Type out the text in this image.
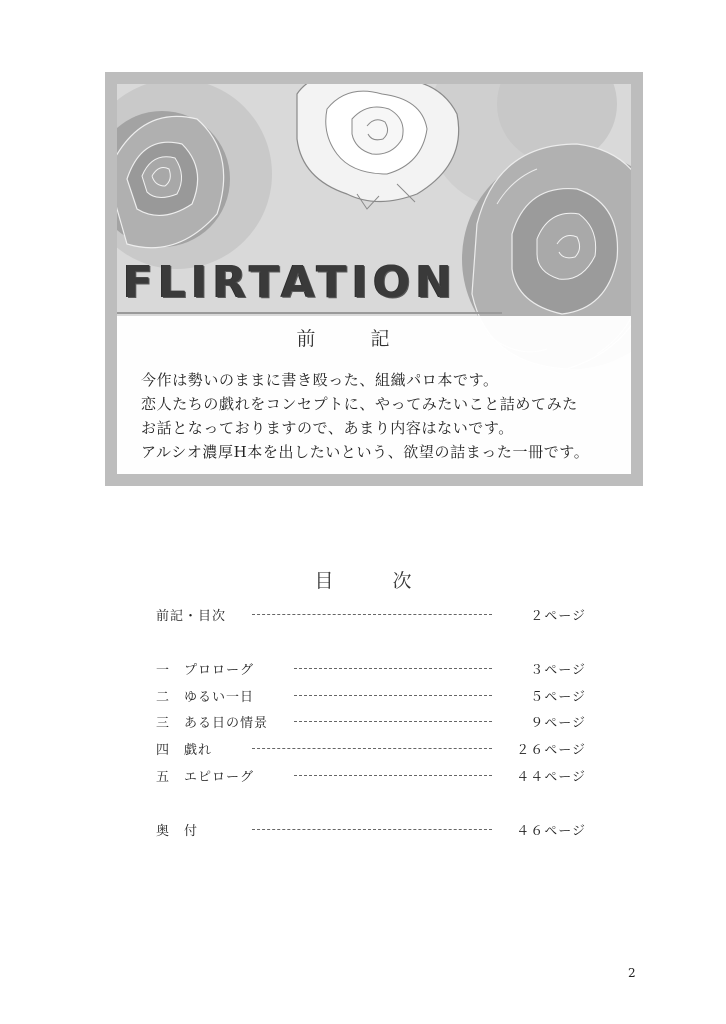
FLIRTATION
前　記
今作は勢いのままに書き殴った、組織パロ本です。
恋人たちの戯れをコンセプトに、やってみたいこと詰めてみた
お話となっておりますので、あまり内容はないです。
アルシオ濃厚H本を出したいという、欲望の詰まった一冊です。
目　次
前記・目次	２ページ
一　プロローグ	３ページ
二　ゆるい一日	５ページ
三　ある日の情景	９ページ
四　戯れ	２６ページ
五　エピローグ	４４ページ
奥　付	４６ページ
2
